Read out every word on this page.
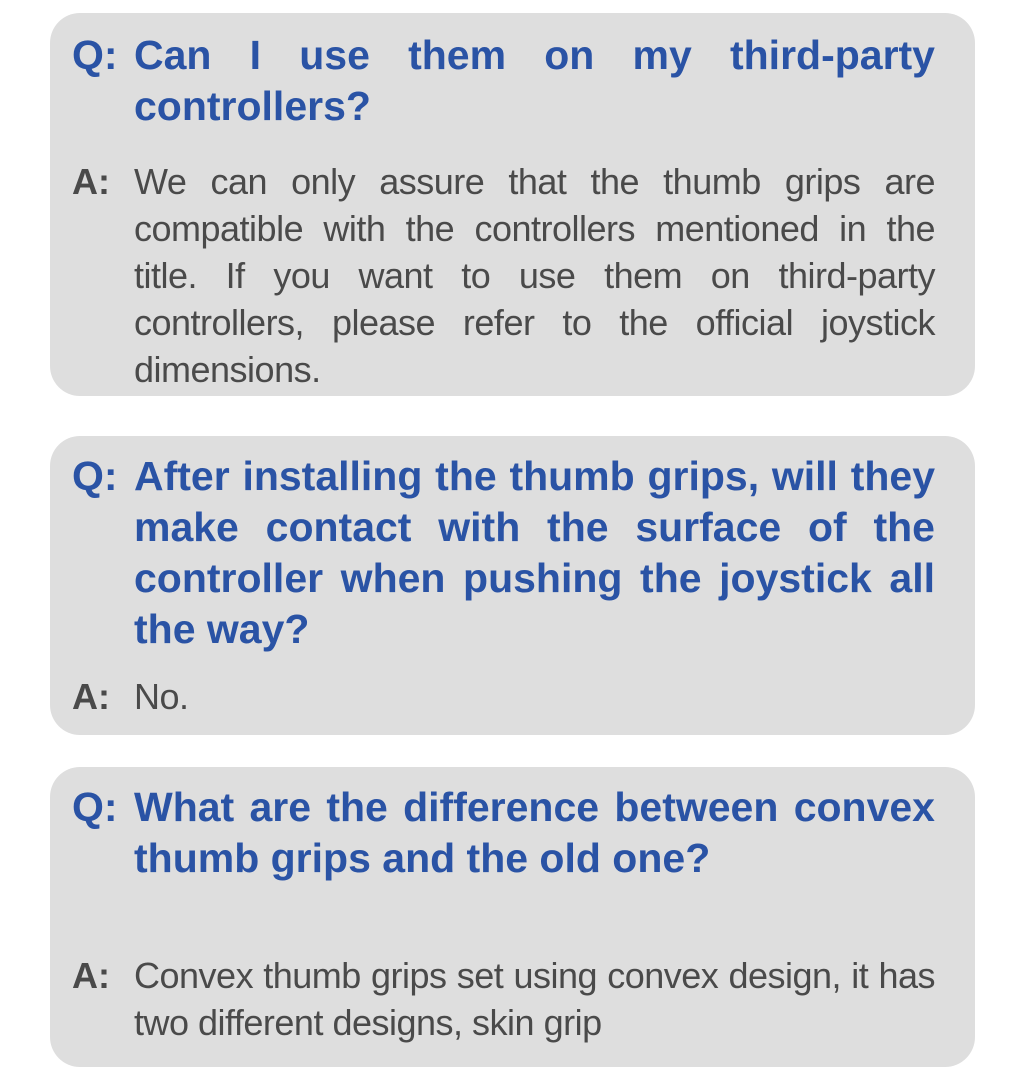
Q: Can I use them on my third-party controllers?
A: We can only assure that the thumb grips are compatible with the controllers mentioned in the title. If you want to use them on third-party controllers, please refer to the official joystick dimensions.
Q: After installing the thumb grips, will they make contact with the surface of the controller when pushing the joystick all the way?
A: No.
Q: What are the difference between convex thumb grips and the old one?
A: Convex thumb grips set using convex design, it has two different designs, skin grip
